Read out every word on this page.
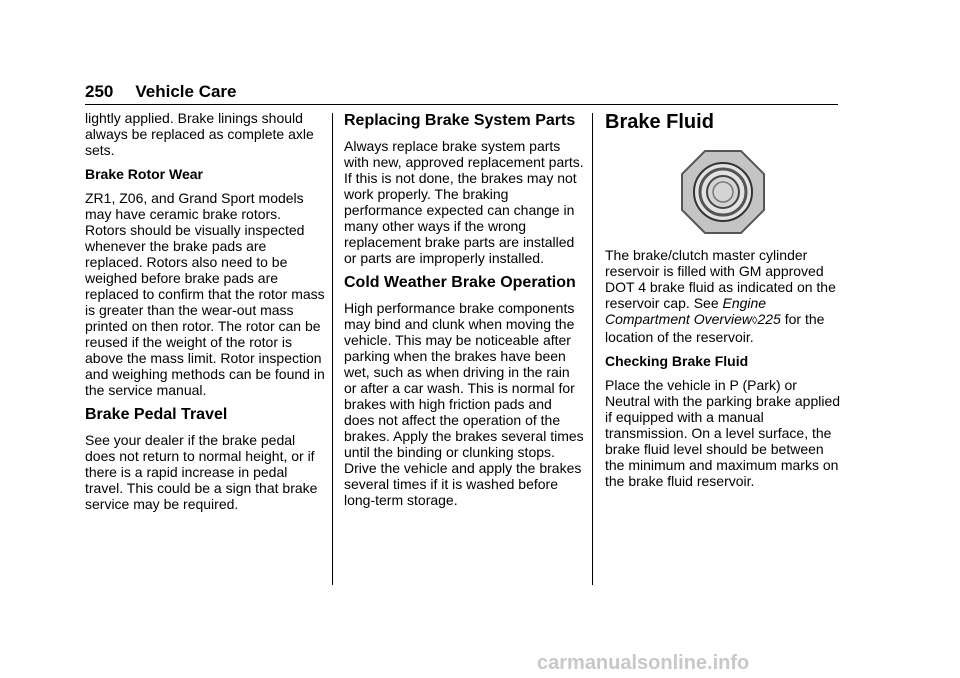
250 Vehicle Care

lightly applied. Brake linings should always be replaced as complete axle sets.

Brake Rotor Wear

ZR1, Z06, and Grand Sport models may have ceramic brake rotors. Rotors should be visually inspected whenever the brake pads are replaced. Rotors also need to be weighed before brake pads are replaced to confirm that the rotor mass is greater than the wear-out mass printed on then rotor. The rotor can be reused if the weight of the rotor is above the mass limit. Rotor inspection and weighing methods can be found in the service manual.

Brake Pedal Travel

See your dealer if the brake pedal does not return to normal height, or if there is a rapid increase in pedal travel. This could be a sign that brake service may be required.

Replacing Brake System Parts

Always replace brake system parts with new, approved replacement parts. If this is not done, the brakes may not work properly. The braking performance expected can change in many other ways if the wrong replacement brake parts are installed or parts are improperly installed.

Cold Weather Brake Operation

High performance brake components may bind and clunk when moving the vehicle. This may be noticeable after parking when the brakes have been wet, such as when driving in the rain or after a car wash. This is normal for brakes with high friction pads and does not affect the operation of the brakes. Apply the brakes several times until the binding or clunking stops. Drive the vehicle and apply the brakes several times if it is washed before long-term storage.

Brake Fluid

The brake/clutch master cylinder reservoir is filled with GM approved DOT 4 brake fluid as indicated on the reservoir cap. See Engine Compartment Overview◊225 for the location of the reservoir.

Checking Brake Fluid

Place the vehicle in P (Park) or Neutral with the parking brake applied if equipped with a manual transmission. On a level surface, the brake fluid level should be between the minimum and maximum marks on the brake fluid reservoir.

carmanualsonline.info
